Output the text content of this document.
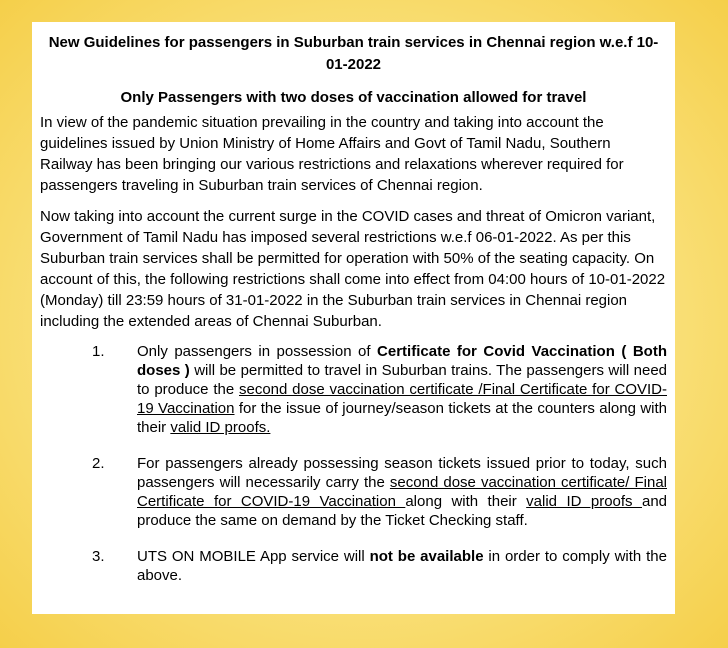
New Guidelines for passengers in Suburban train services in Chennai region w.e.f 10-01-2022
Only Passengers with two doses of vaccination allowed for travel

In view of the pandemic situation prevailing in the country and taking into account the guidelines issued by Union Ministry of Home Affairs and Govt of Tamil Nadu, Southern Railway has been bringing our various restrictions and relaxations wherever required for passengers traveling in Suburban train services of Chennai region.

Now taking into account the current surge in the COVID cases and threat of Omicron variant, Government of Tamil Nadu has imposed several restrictions w.e.f 06-01-2022. As per this Suburban train services shall be permitted for operation with 50% of the seating capacity. On account of this, the following restrictions shall come into effect from 04:00 hours of 10-01-2022 (Monday) till 23:59 hours of 31-01-2022 in the Suburban train services in Chennai region including the extended areas of Chennai Suburban.

1. Only passengers in possession of Certificate for Covid Vaccination ( Both doses ) will be permitted to travel in Suburban trains. The passengers will need to produce the second dose vaccination certificate /Final Certificate for COVID-19 Vaccination for the issue of journey/season tickets at the counters along with their valid ID proofs.
2. For passengers already possessing season tickets issued prior to today, such passengers will necessarily carry the second dose vaccination certificate/ Final Certificate for COVID-19 Vaccination along with their valid ID proofs and produce the same on demand by the Ticket Checking staff.
3. UTS ON MOBILE App service will not be available in order to comply with the above.
